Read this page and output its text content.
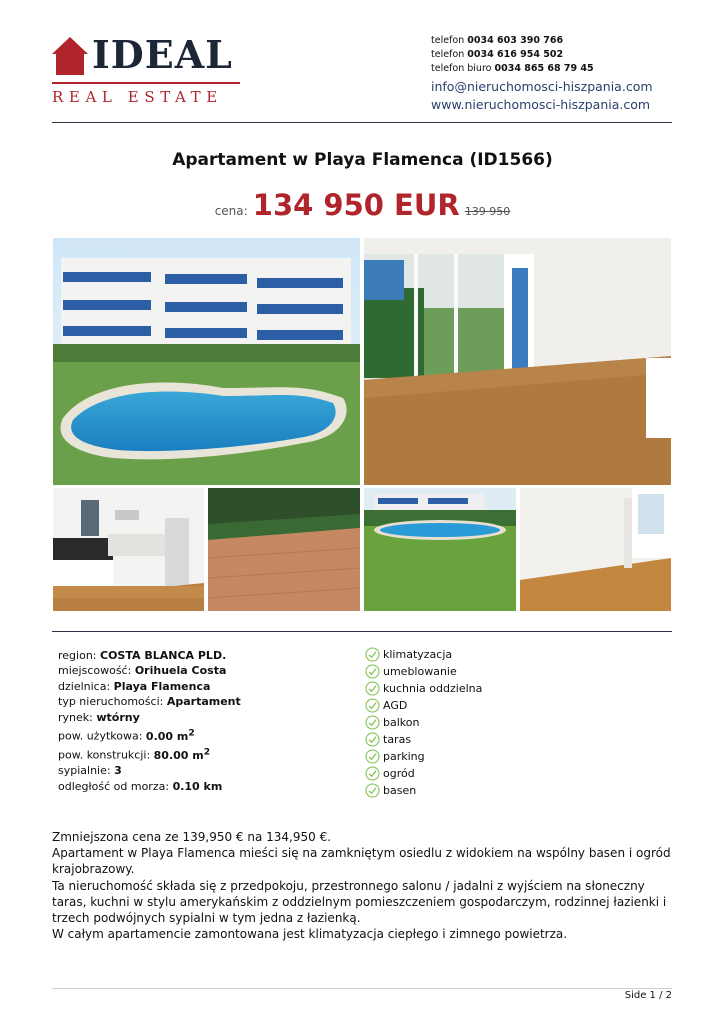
IDEAL
REAL ESTATE
telefon 0034 603 390 766
telefon 0034 616 954 502
telefon biuro 0034 865 68 79 45
info@nieruchomosci-hiszpania.com
www.nieruchomosci-hiszpania.com
Apartament w Playa Flamenca (ID1566)
cena: 134 950 EUR 139 950
region: COSTA BLANCA PLD.
miejscowość: Orihuela Costa
dzielnica: Playa Flamenca
typ nieruchomości: Apartament
rynek: wtórny
pow. użytkowa: 0.00 $m^2$
pow. konstrukcji: 80.00 $m^2$
sypialnie: 3
odległość od morza: 0.10 km
klimatyzacja
umeblowanie
kuchnia oddzielna
AGD
balkon
taras
parking
ogród
basen

Zmniejszona cena ze 139,950 € na 134,950 €.

Apartament w Playa Flamenca mieści się na zamkniętym osiedlu z widokiem na wspólny basen i ogród krajobrazowy.

Ta nieruchomość składa się z przedpokoju, przestronnego salonu / jadalni z wyjściem na słoneczny taras, kuchni w stylu amerykańskim z oddzielnym pomieszczeniem gospodarczym, rodzinnej łazienki i trzech podwójnych sypialni w tym jedna z łazienką.

W całym apartamencie zamontowana jest klimatyzacja ciepłego i zimnego powietrza.

Side 1 / 2
